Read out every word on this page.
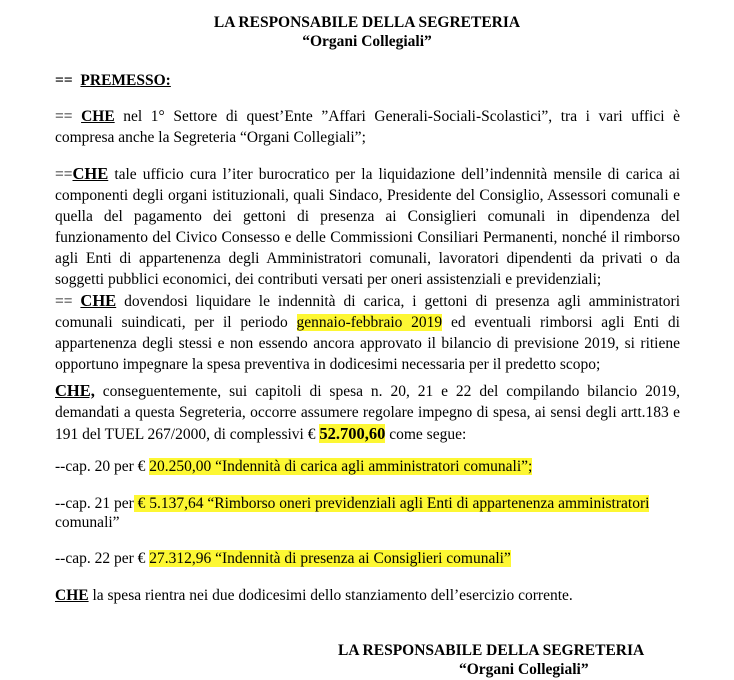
LA RESPONSABILE DELLA SEGRETERIA
“Organi Collegiali”
== PREMESSO:
== CHE nel 1° Settore di quest’Ente ”Affari Generali-Sociali-Scolastici”, tra i vari uffici è compresa anche la Segreteria “Organi Collegiali”;
==CHE tale ufficio cura l’iter burocratico per la liquidazione dell’indennità mensile di carica ai componenti degli organi istituzionali, quali Sindaco, Presidente del Consiglio, Assessori comunali e quella del pagamento dei gettoni di presenza ai Consiglieri comunali in dipendenza del funzionamento del Civico Consesso e delle Commissioni Consiliari Permanenti, nonché il rimborso agli Enti di appartenenza degli Amministratori comunali, lavoratori dipendenti da privati o da soggetti pubblici economici, dei contributi versati per oneri assistenziali e previdenziali;
== CHE dovendosi liquidare le indennità di carica, i gettoni di presenza agli amministratori comunali suindicati, per il periodo gennaio-febbraio 2019 ed eventuali rimborsi agli Enti di appartenenza degli stessi e non essendo ancora approvato il bilancio di previsione 2019, si ritiene opportuno impegnare la spesa preventiva in dodicesimi necessaria per il predetto scopo;
CHE, conseguentemente, sui capitoli di spesa n. 20, 21 e 22 del compilando bilancio 2019, demandati a questa Segreteria, occorre assumere regolare impegno di spesa, ai sensi degli artt.183 e 191 del TUEL 267/2000, di complessivi € 52.700,60 come segue:
--cap. 20 per € 20.250,00 “Indennità di carica agli amministratori comunali”;
--cap. 21 per € 5.137,64 “Rimborso oneri previdenziali agli Enti di appartenenza amministratori
comunali”
--cap. 22 per € 27.312,96 “Indennità di presenza ai Consiglieri comunali”
CHE la spesa rientra nei due dodicesimi dello stanziamento dell’esercizio corrente.
LA RESPONSABILE DELLA SEGRETERIA
“Organi Collegiali”
